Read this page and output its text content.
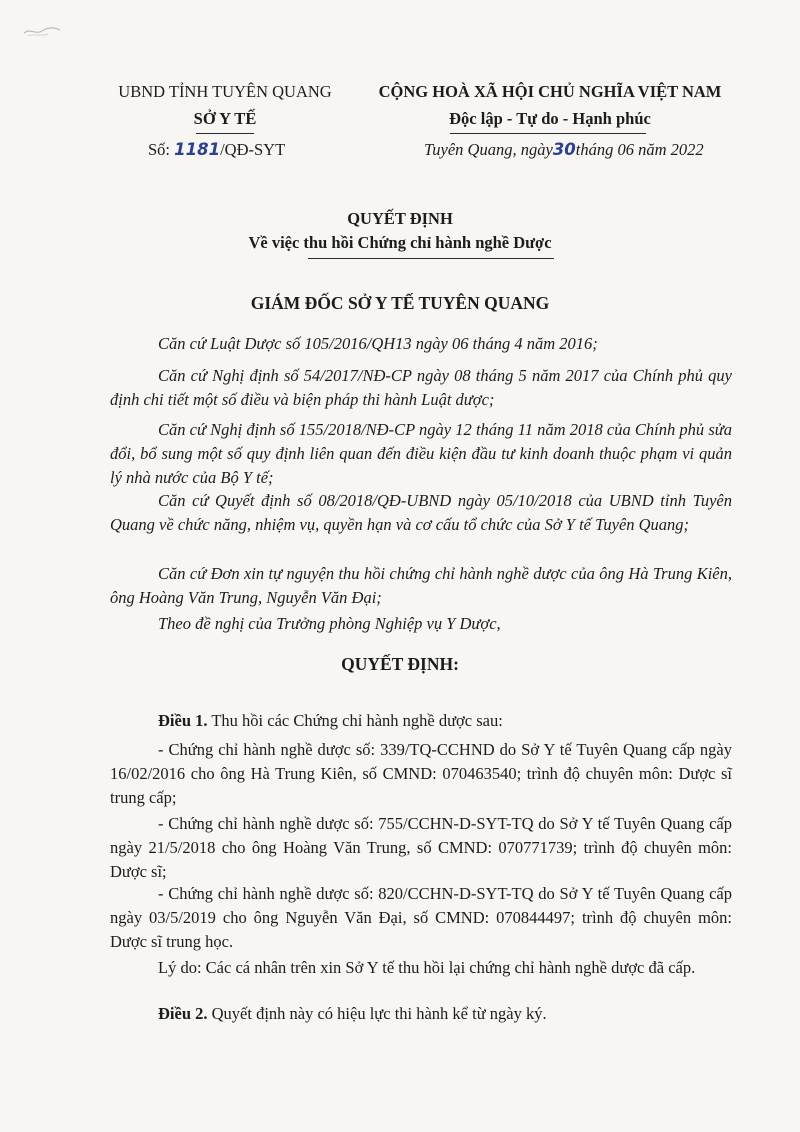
UBND TỈNH TUYÊN QUANG
SỞ Y TẾ
Số: 1181/QĐ-SYT
CỘNG HOÀ XÃ HỘI CHỦ NGHĨA VIỆT NAM
Độc lập - Tự do - Hạnh phúc
Tuyên Quang, ngày30tháng 06 năm 2022
QUYẾT ĐỊNH
Về việc thu hồi Chứng chỉ hành nghề Dược
GIÁM ĐỐC SỞ Y TẾ TUYÊN QUANG
Căn cứ Luật Dược số 105/2016/QH13 ngày 06 tháng 4 năm 2016;
Căn cứ Nghị định số 54/2017/NĐ-CP ngày 08 tháng 5 năm 2017 của Chính phủ quy định chi tiết một số điều và biện pháp thi hành Luật dược;
Căn cứ Nghị định số 155/2018/NĐ-CP ngày 12 tháng 11 năm 2018 của Chính phủ sửa đổi, bổ sung một số quy định liên quan đến điều kiện đầu tư kinh doanh thuộc phạm vi quản lý nhà nước của Bộ Y tế;
Căn cứ Quyết định số 08/2018/QĐ-UBND ngày 05/10/2018 của UBND tỉnh Tuyên Quang về chức năng, nhiệm vụ, quyền hạn và cơ cấu tổ chức của Sở Y tế Tuyên Quang;
Căn cứ Đơn xin tự nguyện thu hồi chứng chỉ hành nghề dược của ông Hà Trung Kiên, ông Hoàng Văn Trung, Nguyễn Văn Đại;
Theo đề nghị của Trưởng phòng Nghiệp vụ Y Dược,
QUYẾT ĐỊNH:
Điều 1. Thu hồi các Chứng chỉ hành nghề dược sau:
- Chứng chỉ hành nghề dược số: 339/TQ-CCHND do Sở Y tế Tuyên Quang cấp ngày 16/02/2016 cho ông Hà Trung Kiên, số CMND: 070463540; trình độ chuyên môn: Dược sĩ trung cấp;
- Chứng chỉ hành nghề dược số: 755/CCHN-D-SYT-TQ do Sở Y tế Tuyên Quang cấp ngày 21/5/2018 cho ông Hoàng Văn Trung, số CMND: 070771739; trình độ chuyên môn: Dược sĩ;
- Chứng chỉ hành nghề dược số: 820/CCHN-D-SYT-TQ do Sở Y tế Tuyên Quang cấp ngày 03/5/2019 cho ông Nguyễn Văn Đại, số CMND: 070844497; trình độ chuyên môn: Dược sĩ trung học.
Lý do: Các cá nhân trên xin Sở Y tế thu hồi lại chứng chỉ hành nghề dược đã cấp.
Điều 2. Quyết định này có hiệu lực thi hành kể từ ngày ký.
